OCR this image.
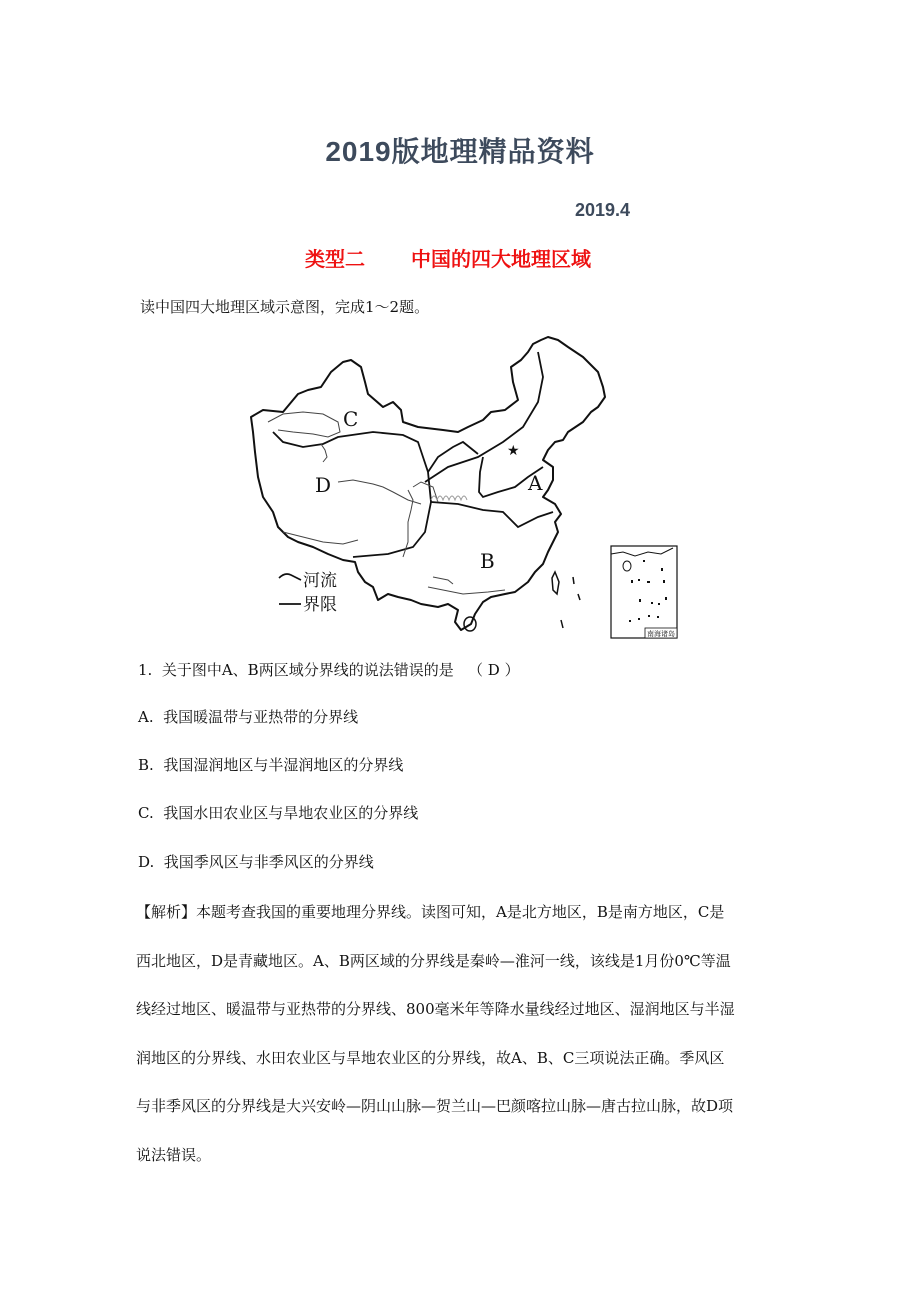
2019版地理精品资料
2019.4
类型二 中国的四大地理区域
读中国四大地理区域示意图，完成1～2题。
A
B
C
D
★
河流
界限
南海诸岛
1.  关于图中A、B两区域分界线的说法错误的是   （ D ）
A.  我国暖温带与亚热带的分界线
B.  我国湿润地区与半湿润地区的分界线
C.  我国水田农业区与旱地农业区的分界线
D.  我国季风区与非季风区的分界线

【解析】本题考查我国的重要地理分界线。读图可知，A是北方地区，B是南方地区，C是

西北地区，D是青藏地区。A、B两区域的分界线是秦岭—淮河一线，该线是1月份0℃等温

线经过地区、暖温带与亚热带的分界线、800毫米年等降水量线经过地区、湿润地区与半湿

润地区的分界线、水田农业区与旱地农业区的分界线，故A、B、C三项说法正确。季风区

与非季风区的分界线是大兴安岭—阴山山脉—贺兰山—巴颜喀拉山脉—唐古拉山脉，故D项

说法错误。
